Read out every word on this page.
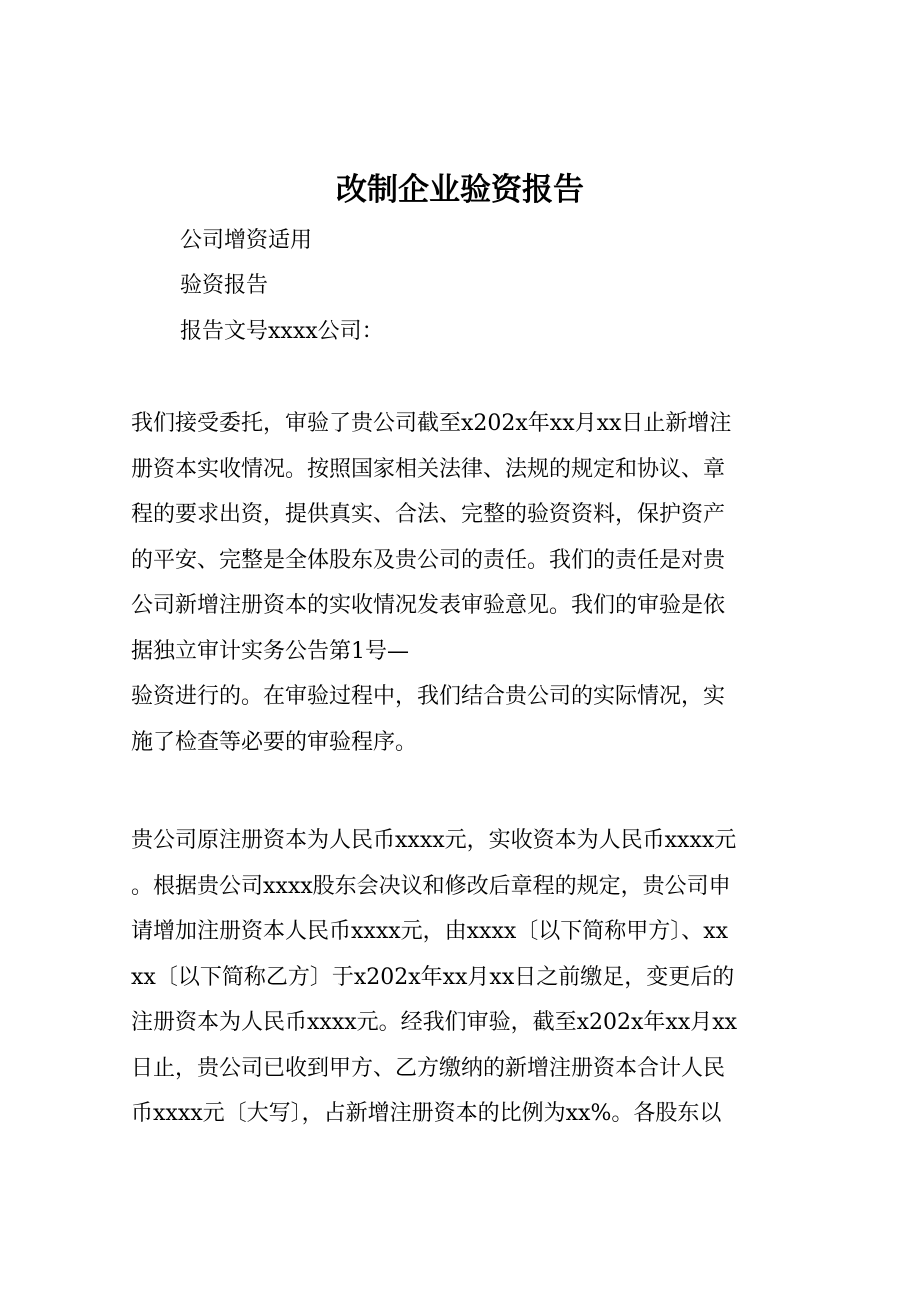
改制企业验资报告
公司增资适用
验资报告
报告文号xxxx公司：
我们接受委托，审验了贵公司截至x202x年xx月xx日止新增注
册资本实收情况。按照国家相关法律、法规的规定和协议、章
程的要求出资，提供真实、合法、完整的验资资料，保护资产
的平安、完整是全体股东及贵公司的责任。我们的责任是对贵
公司新增注册资本的实收情况发表审验意见。我们的审验是依
据独立审计实务公告第1号—
验资进行的。在审验过程中，我们结合贵公司的实际情况，实
施了检查等必要的审验程序。
贵公司原注册资本为人民币xxxx元，实收资本为人民币xxxx元
。根据贵公司xxxx股东会决议和修改后章程的规定，贵公司申
请增加注册资本人民币xxxx元，由xxxx〔以下简称甲方〕、xx
xx〔以下简称乙方〕于x202x年xx月xx日之前缴足，变更后的
注册资本为人民币xxxx元。经我们审验，截至x202x年xx月xx
日止，贵公司已收到甲方、乙方缴纳的新增注册资本合计人民
币xxxx元〔大写〕，占新增注册资本的比例为xx%。各股东以
